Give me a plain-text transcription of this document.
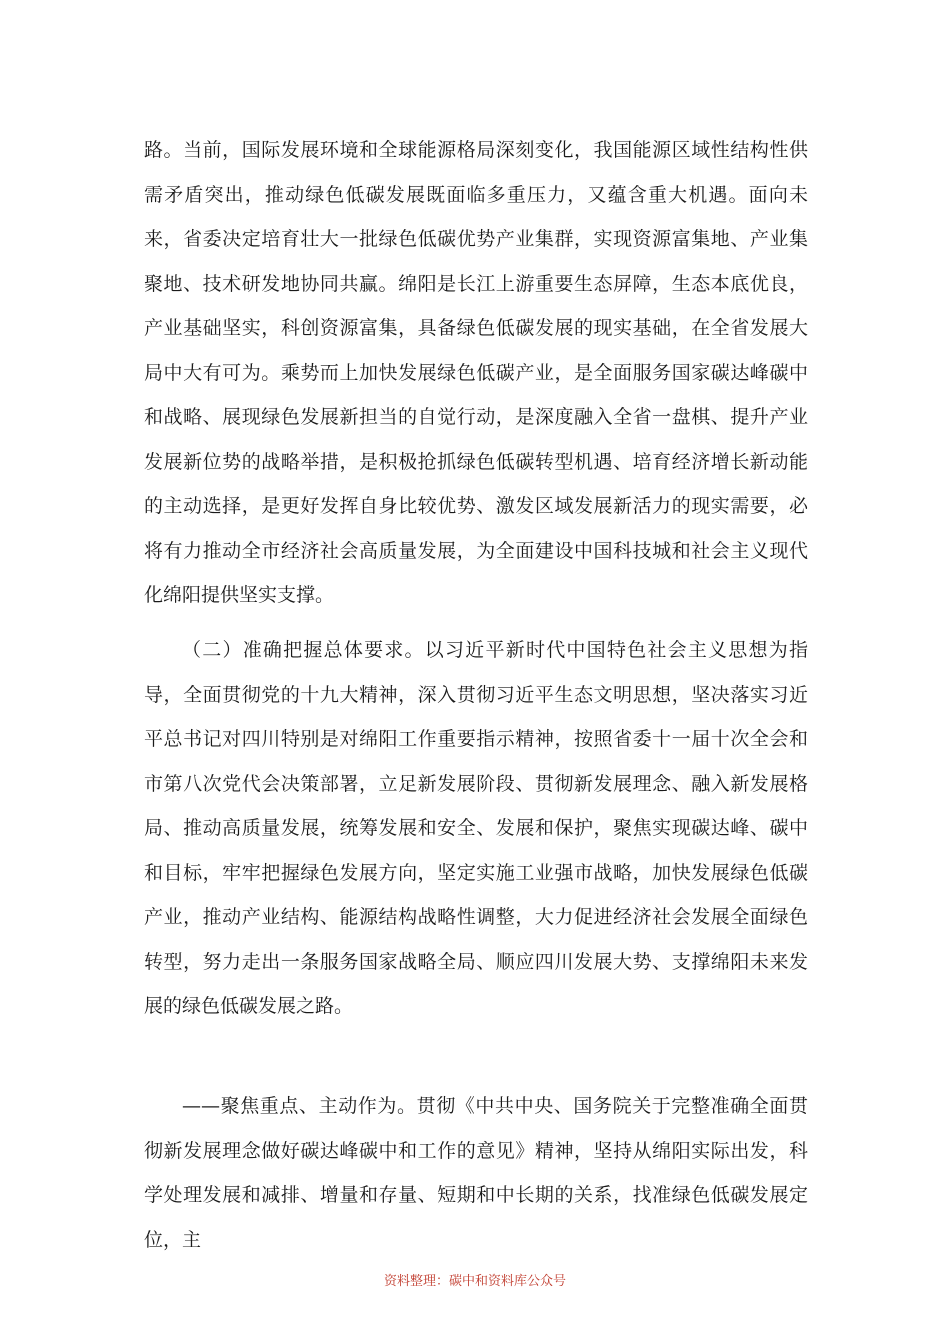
路。当前，国际发展环境和全球能源格局深刻变化，我国能源区域性结构性供需矛盾突出，推动绿色低碳发展既面临多重压力，又蕴含重大机遇。面向未来，省委决定培育壮大一批绿色低碳优势产业集群，实现资源富集地、产业集聚地、技术研发地协同共赢。绵阳是长江上游重要生态屏障，生态本底优良，产业基础坚实，科创资源富集，具备绿色低碳发展的现实基础，在全省发展大局中大有可为。乘势而上加快发展绿色低碳产业，是全面服务国家碳达峰碳中和战略、展现绿色发展新担当的自觉行动，是深度融入全省一盘棋、提升产业发展新位势的战略举措，是积极抢抓绿色低碳转型机遇、培育经济增长新动能的主动选择，是更好发挥自身比较优势、激发区域发展新活力的现实需要，必将有力推动全市经济社会高质量发展，为全面建设中国科技城和社会主义现代化绵阳提供坚实支撑。

（二）准确把握总体要求。以习近平新时代中国特色社会主义思想为指导，全面贯彻党的十九大精神，深入贯彻习近平生态文明思想，坚决落实习近平总书记对四川特别是对绵阳工作重要指示精神，按照省委十一届十次全会和市第八次党代会决策部署，立足新发展阶段、贯彻新发展理念、融入新发展格局、推动高质量发展，统筹发展和安全、发展和保护，聚焦实现碳达峰、碳中和目标，牢牢把握绿色发展方向，坚定实施工业强市战略，加快发展绿色低碳产业，推动产业结构、能源结构战略性调整，大力促进经济社会发展全面绿色转型，努力走出一条服务国家战略全局、顺应四川发展大势、支撑绵阳未来发展的绿色低碳发展之路。

——聚焦重点、主动作为。贯彻《中共中央、国务院关于完整准确全面贯彻新发展理念做好碳达峰碳中和工作的意见》精神，坚持从绵阳实际出发，科学处理发展和减排、增量和存量、短期和中长期的关系，找准绿色低碳发展定位，主

资料整理：碳中和资料库公众号
